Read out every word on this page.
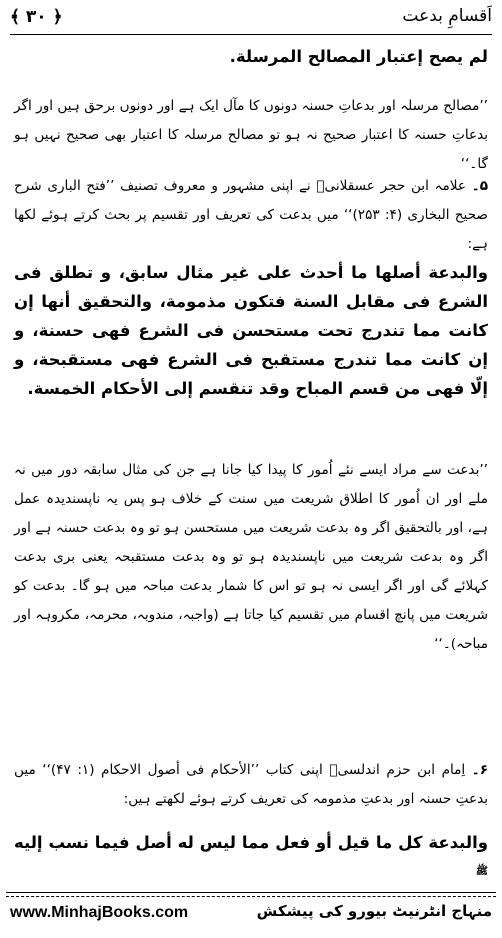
﴿ ۳۰ ﴾	اَقسامِ بدعت
لم يصح إعتبار المصالح المرسلة.
’’مصالح مرسلہ اور بدعاتِ حسنہ دونوں کا مآل ایک ہے اور دونوں برحق ہیں اور اگر بدعاتِ حسنہ کا اعتبار صحیح نہ ہو تو مصالح مرسلہ کا اعتبار بھی صحیح نہیں ہو گا۔‘‘
۵۔ علامہ ابن حجر عسقلانیؒ نے اپنی مشہور و معروف تصنیف ’’فتح الباری شرح صحیح البخاری (۴: ۲۵۳)‘‘ میں بدعت کی تعریف اور تقسیم پر بحث کرتے ہوئے لکھا ہے:
والبدعة أصلها ما أحدث على غير مثال سابق، و تطلق فى الشرع فى مقابل السنة فتكون مذمومة، والتحقيق أنها إن كانت مما تندرج تحت مستحسن فى الشرع فهى حسنة، و إن كانت مما تندرج مستقبح فى الشرع فهى مستقبحة، و إلّا فهى من قسم المباح وقد تنقسم إلى الأحكام الخمسة.
’’بدعت سے مراد ایسے نئے اُمور کا پیدا کیا جانا ہے جن کی مثال سابقہ دور میں نہ ملے اور ان اُمور کا اطلاق شریعت میں سنت کے خلاف ہو پس یہ ناپسندیدہ عمل ہے، اور بالتحقیق اگر وہ بدعت شریعت میں مستحسن ہو تو وہ بدعت حسنہ ہے اور اگر وہ بدعت شریعت میں ناپسندیدہ ہو تو وہ بدعت مستقبحہ یعنی بری بدعت کہلائے گی اور اگر ایسی نہ ہو تو اس کا شمار بدعت مباحہ میں ہو گا۔ بدعت کو شریعت میں پانچ اقسام میں تقسیم کیا جاتا ہے (واجبہ، مندوبہ، محرمہ، مکروہہ اور مباحہ)۔‘‘
۶۔ اِمام ابن حزم اندلسیؒ اپنی کتاب ’’الأحكام فى أصول الاحكام (۱: ۴۷)‘‘ میں بدعتِ حسنہ اور بدعتِ مذمومہ کی تعریف کرتے ہوئے لکھتے ہیں:
والبدعة كل ما قيل أو فعل مما ليس له أصل فيما نسب إليه $^ﷺ$
www.MinhajBooks.com	منہاج انٹرنیٹ بیورو کی پیشکش
